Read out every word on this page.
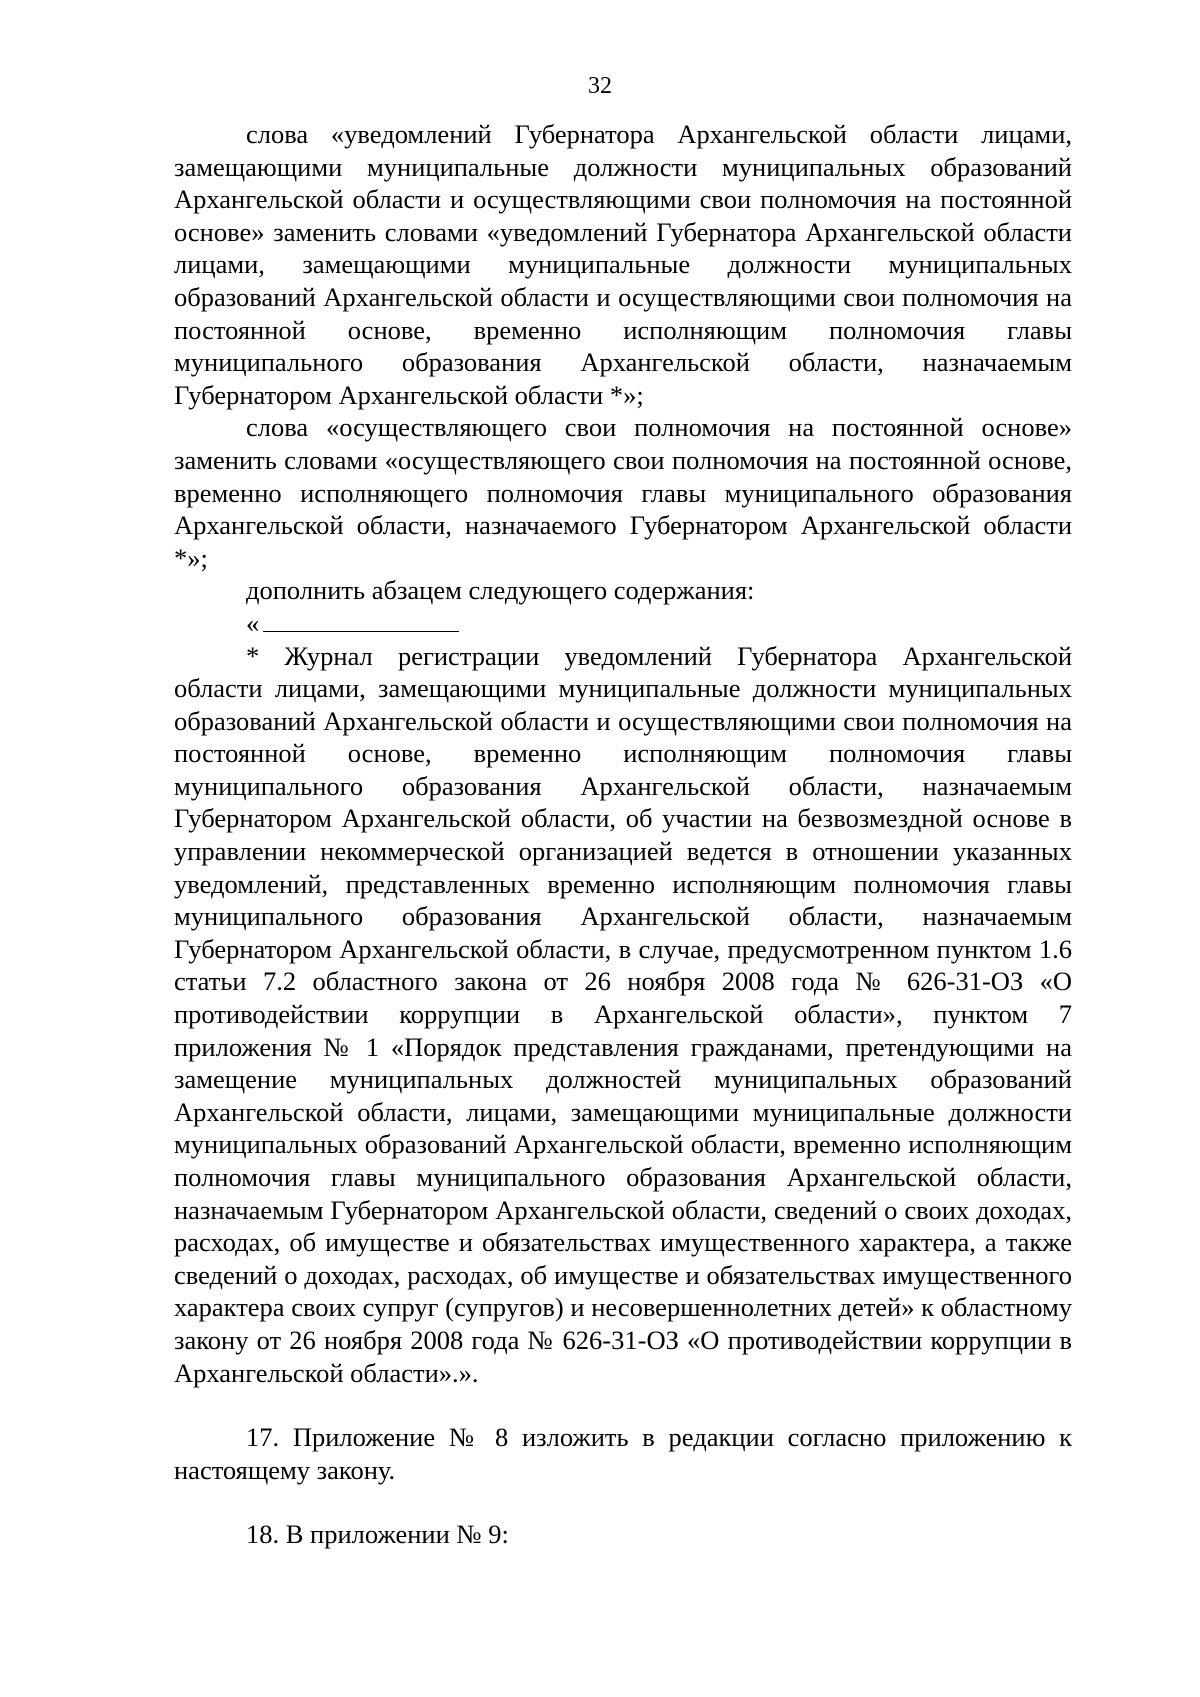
32

слова «уведомлений Губернатора Архангельской области лицами, замещающими муниципальные должности муниципальных образований Архангельской области и осуществляющими свои полномочия на постоянной основе» заменить словами «уведомлений Губернатора Архангельской области лицами, замещающими муниципальные должности муниципальных образований Архангельской области и осуществляющими свои полномочия на постоянной основе, временно исполняющим полномочия главы муниципального образования Архангельской области, назначаемым Губернатором Архангельской области *»;

слова «осуществляющего свои полномочия на постоянной основе» заменить словами «осуществляющего свои полномочия на постоянной основе, временно исполняющего полномочия главы муниципального образования Архангельской области, назначаемого Губернатором Архангельской области *»;

дополнить абзацем следующего содержания:

«

* Журнал регистрации уведомлений Губернатора Архангельской области лицами, замещающими муниципальные должности муниципальных образований Архангельской области и осуществляющими свои полномочия на постоянной основе, временно исполняющим полномочия главы муниципального образования Архангельской области, назначаемым Губернатором Архангельской области, об участии на безвозмездной основе в управлении некоммерческой организацией ведется в отношении указанных уведомлений, представленных временно исполняющим полномочия главы муниципального образования Архангельской области, назначаемым Губернатором Архангельской области, в случае, предусмотренном пунктом 1.6 статьи 7.2 областного закона от 26 ноября 2008 года № 626-31-ОЗ «О противодействии коррупции в Архангельской области», пунктом 7 приложения № 1 «Порядок представления гражданами, претендующими на замещение муниципальных должностей муниципальных образований Архангельской области, лицами, замещающими муниципальные должности муниципальных образований Архангельской области, временно исполняющим полномочия главы муниципального образования Архангельской области, назначаемым Губернатором Архангельской области, сведений о своих доходах, расходах, об имуществе и обязательствах имущественного характера, а также сведений о доходах, расходах, об имуществе и обязательствах имущественного характера своих супруг (супругов) и несовершеннолетних детей» к областному закону от 26 ноября 2008 года № 626-31-ОЗ «О противодействии коррупции в Архангельской области».».

17. Приложение № 8 изложить в редакции согласно приложению к настоящему закону.

18. В приложении № 9:
